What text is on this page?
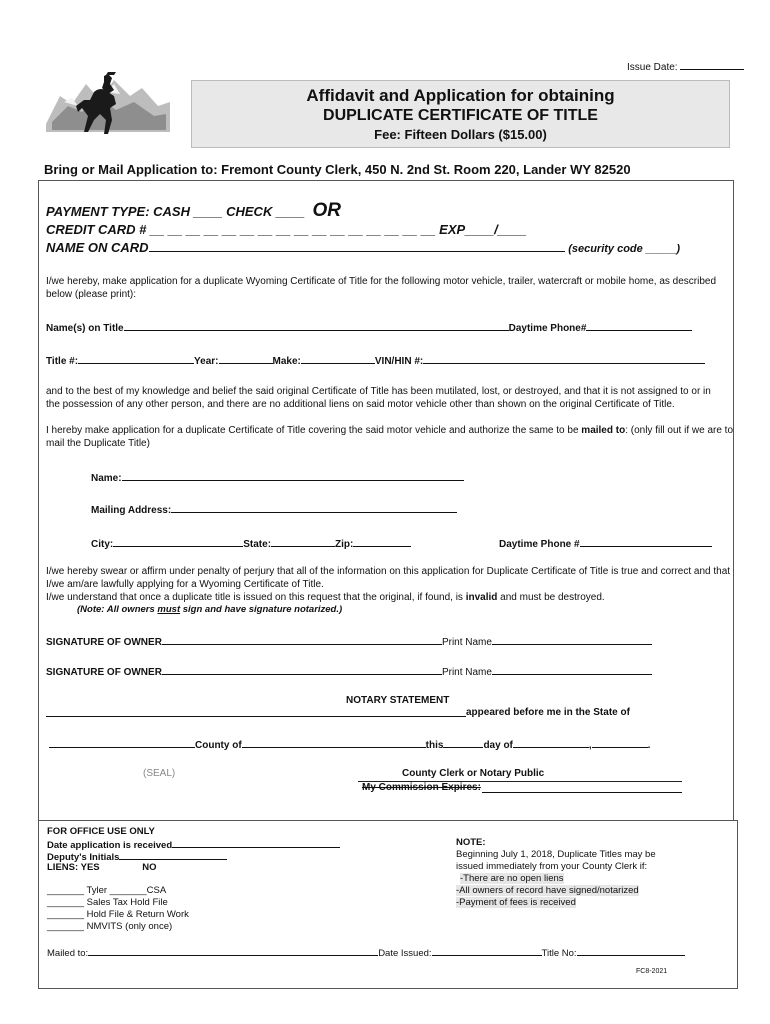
Issue Date:
Affidavit and Application for obtaining
DUPLICATE CERTIFICATE OF TITLE
Fee: Fifteen Dollars ($15.00)
Bring or Mail Application to: Fremont County Clerk, 450 N. 2nd St. Room 220, Lander WY 82520
PAYMENT TYPE: CASH ____ CHECK ____ OR
CREDIT CARD # __ __ __ __ __ __ __ __ __ __ __ __ __ __ __ __ EXP____/____
NAME ON CARD	(security code _____)

I/we hereby, make application for a duplicate Wyoming Certificate of Title for the following motor vehicle, trailer, watercraft or mobile home, as described below (please print):

Name(s) on Title	Daytime Phone#
Title #:	Year:	Make:	VIN/HIN #:

and to the best of my knowledge and belief the said original Certificate of Title has been mutilated, lost, or destroyed, and that it is not assigned to or in the possession of any other person, and there are no additional liens on said motor vehicle other than shown on the original Certificate of Title.

I hereby make application for a duplicate Certificate of Title covering the said motor vehicle and authorize the same to be mailed to: (only fill out if we are to mail the Duplicate Title)

Name:
Mailing Address:
City:	State:	Zip:	Daytime Phone #

I/we hereby swear or affirm under penalty of perjury that all of the information on this application for Duplicate Certificate of Title is true and correct and that I/we am/are lawfully applying for a Wyoming Certificate of Title.

I/we understand that once a duplicate title is issued on this request that the original, if found, is invalid and must be destroyed.

(Note: All owners must sign and have signature notarized.)

SIGNATURE OF OWNER	Print Name
SIGNATURE OF OWNER	Print Name
NOTARY STATEMENT
appeared before me in the State of
County of	this	day of	,	.
(SEAL)	County Clerk or Notary Public
My Commission Expires:
FOR OFFICE USE ONLY
Date application is received
Deputy's Initials
LIENS: YES	NO
_______ Tyler _______CSA
_______ Sales Tax Hold File
_______ Hold File & Return Work
_______ NMVITS (only once)
NOTE:
Beginning July 1, 2018, Duplicate Titles may be
issued immediately from your County Clerk if:
-There are no open liens
-All owners of record have signed/notarized
-Payment of fees is received
Mailed to:	Date Issued:	Title No:
FC8-2021
